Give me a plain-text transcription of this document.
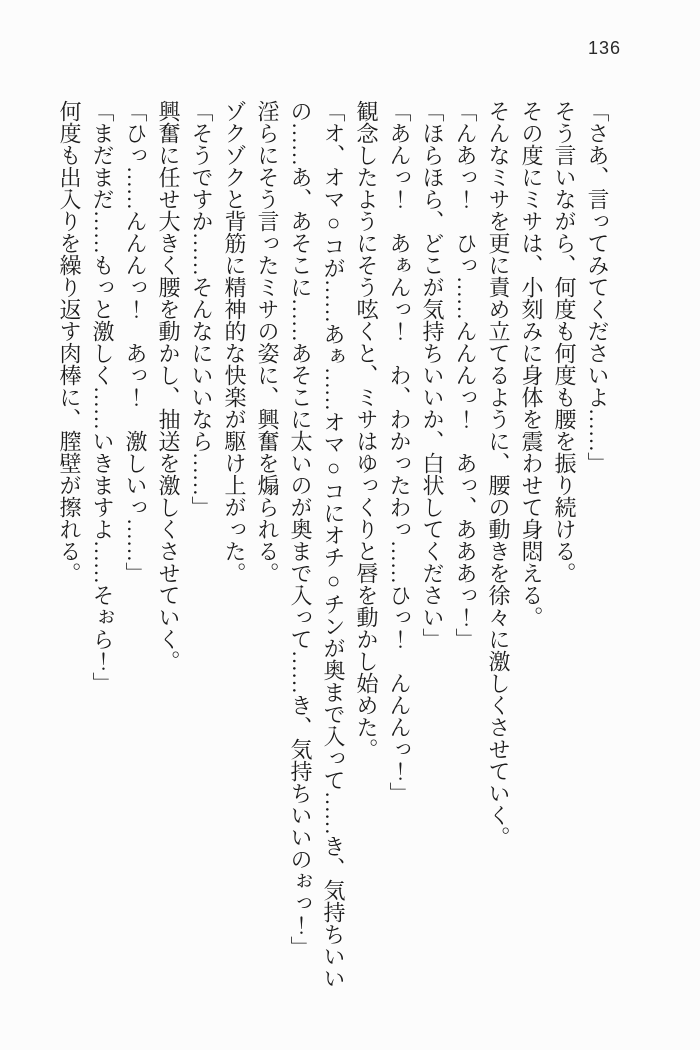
136
「さあ、言ってみてくださいよ……」
そう言いながら、何度も何度も腰を振り続ける。
その度にミサは、小刻みに身体を震わせて身悶える。
そんなミサを更に責め立てるように、腰の動きを徐々に激しくさせていく。
「んあっ！　ひっ……んんんっ！　あっ、あああっ！」
「ほらほら、どこが気持ちいいか、白状してください」
「あんっ！　あぁんっ！　わ、わかったわっ……ひっ！　んんんっ！」
観念したようにそう呟くと、ミサはゆっくりと唇を動かし始めた。
「オ、オマ○コが……あぁ……オマ○コにオチ○チンが奥まで入って……き、気持ちいい
の……あ、あそこに……あそこに太いのが奥まで入って……き、気持ちいいのぉっ！」
淫らにそう言ったミサの姿に、興奮を煽られる。
ゾクゾクと背筋に精神的な快楽が駆け上がった。
「そうですか……そんなにいいなら……」
興奮に任せ大きく腰を動かし、抽送を激しくさせていく。
「ひっ……んんんっ！　あっ！　激しいっ……」
「まだまだ……もっと激しく……いきますよ……そぉら！」
何度も出入りを繰り返す肉棒に、膣壁が擦れる。
